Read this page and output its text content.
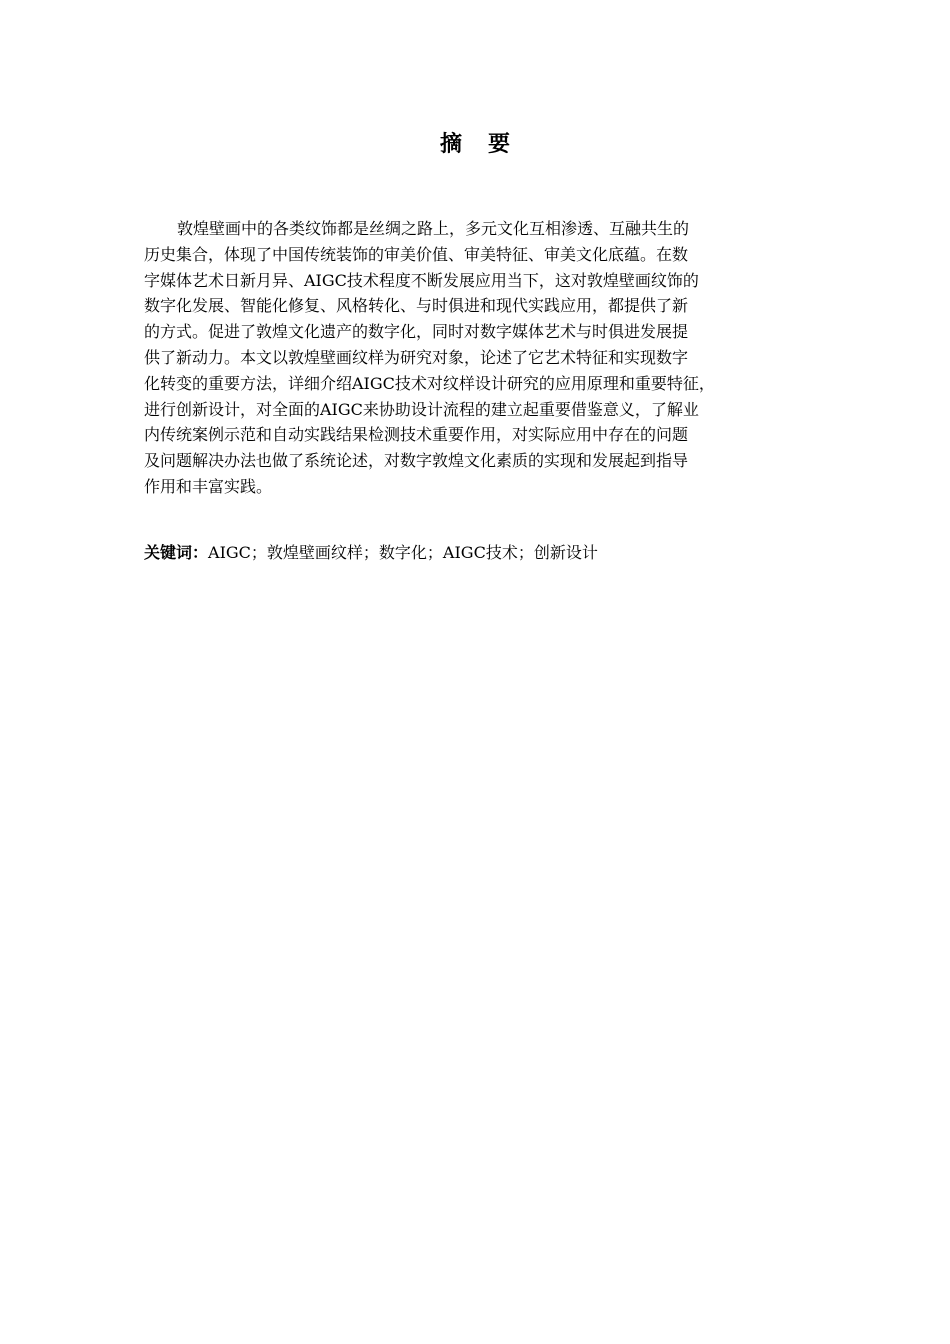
摘 要
敦煌壁画中的各类纹饰都是丝绸之路上，多元文化互相渗透、互融共生的
历史集合，体现了中国传统装饰的审美价值、审美特征、审美文化底蕴。在数
字媒体艺术日新月异、AIGC技术程度不断发展应用当下，这对敦煌壁画纹饰的
数字化发展、智能化修复、风格转化、与时俱进和现代实践应用，都提供了新
的方式。促进了敦煌文化遗产的数字化，同时对数字媒体艺术与时俱进发展提
供了新动力。本文以敦煌壁画纹样为研究对象，论述了它艺术特征和实现数字
化转变的重要方法，详细介绍AIGC技术对纹样设计研究的应用原理和重要特征，
进行创新设计，对全面的AIGC来协助设计流程的建立起重要借鉴意义，了解业
内传统案例示范和自动实践结果检测技术重要作用，对实际应用中存在的问题
及问题解决办法也做了系统论述，对数字敦煌文化素质的实现和发展起到指导
作用和丰富实践。
关键词：AIGC；敦煌壁画纹样；数字化；AIGC技术；创新设计
